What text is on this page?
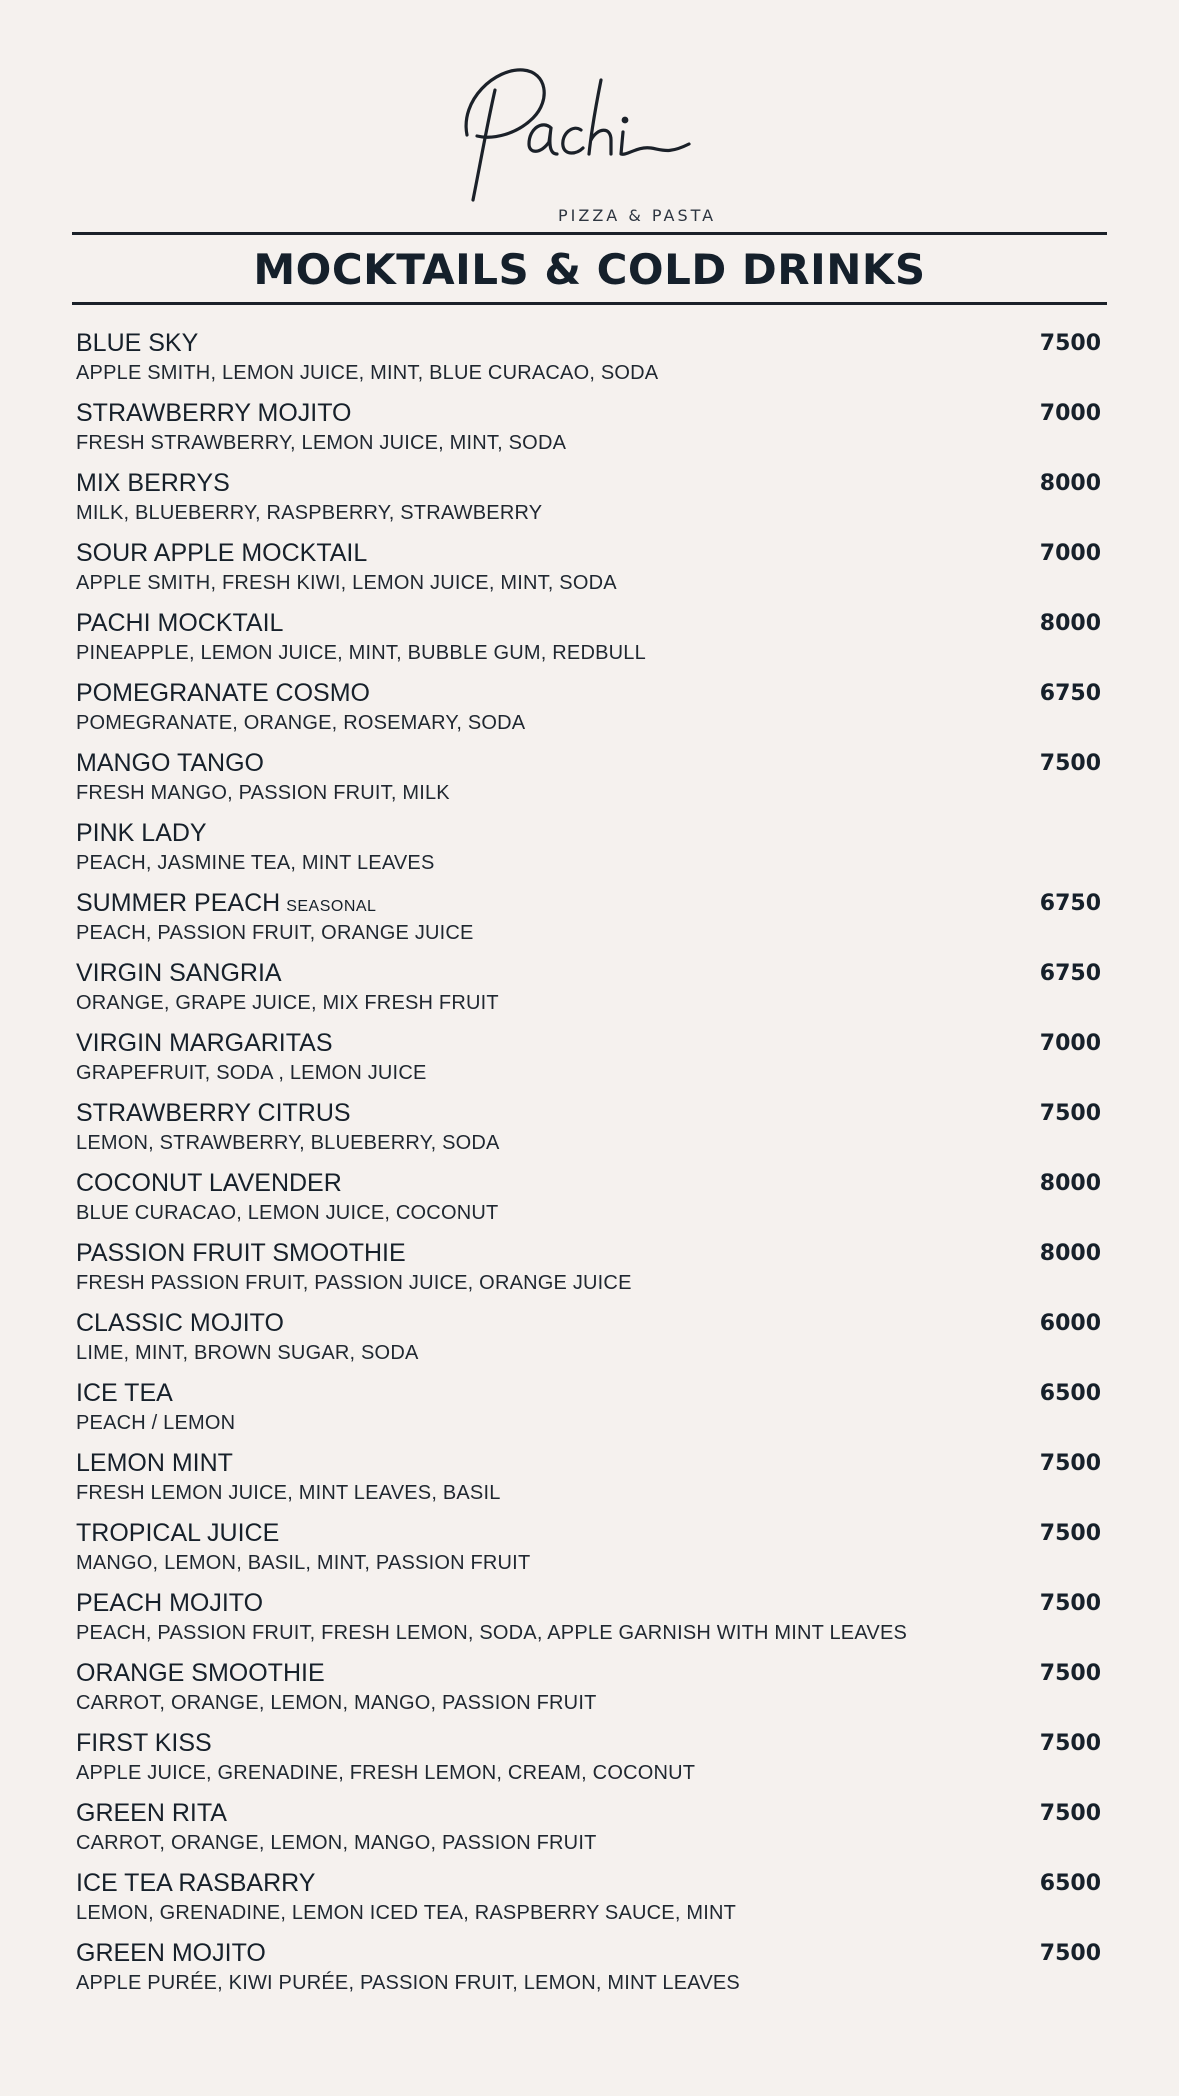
PIZZA & PASTA
MOCKTAILS & COLD DRINKS
BLUE SKY
APPLE SMITH, LEMON JUICE, MINT, BLUE CURACAO, SODA
7500
STRAWBERRY MOJITO
FRESH STRAWBERRY, LEMON JUICE, MINT, SODA
7000
MIX BERRYS
MILK, BLUEBERRY, RASPBERRY, STRAWBERRY
8000
SOUR APPLE MOCKTAIL
APPLE SMITH, FRESH KIWI, LEMON JUICE, MINT, SODA
7000
PACHI MOCKTAIL
PINEAPPLE, LEMON JUICE, MINT, BUBBLE GUM, REDBULL
8000
POMEGRANATE COSMO
POMEGRANATE, ORANGE, ROSEMARY, SODA
6750
MANGO TANGO
FRESH MANGO, PASSION FRUIT, MILK
7500
PINK LADY
PEACH, JASMINE TEA, MINT LEAVES
SUMMER PEACH SEASONAL
PEACH, PASSION FRUIT, ORANGE JUICE
6750
VIRGIN SANGRIA
ORANGE, GRAPE JUICE, MIX FRESH FRUIT
6750
VIRGIN MARGARITAS
GRAPEFRUIT, SODA , LEMON JUICE
7000
STRAWBERRY CITRUS
LEMON, STRAWBERRY, BLUEBERRY, SODA
7500
COCONUT LAVENDER
BLUE CURACAO, LEMON JUICE, COCONUT
8000
PASSION FRUIT SMOOTHIE
FRESH PASSION FRUIT, PASSION JUICE, ORANGE JUICE
8000
CLASSIC MOJITO
LIME, MINT, BROWN SUGAR, SODA
6000
ICE TEA
PEACH / LEMON
6500
LEMON MINT
FRESH LEMON JUICE, MINT LEAVES, BASIL
7500
TROPICAL JUICE
MANGO, LEMON, BASIL, MINT, PASSION FRUIT
7500
PEACH MOJITO
PEACH, PASSION FRUIT, FRESH LEMON, SODA, APPLE GARNISH WITH MINT LEAVES
7500
ORANGE SMOOTHIE
CARROT, ORANGE, LEMON, MANGO, PASSION FRUIT
7500
FIRST KISS
APPLE JUICE, GRENADINE, FRESH LEMON, CREAM, COCONUT
7500
GREEN RITA
CARROT, ORANGE, LEMON, MANGO, PASSION FRUIT
7500
ICE TEA RASBARRY
LEMON, GRENADINE, LEMON ICED TEA, RASPBERRY SAUCE, MINT
6500
GREEN MOJITO
APPLE PURÉE, KIWI PURÉE, PASSION FRUIT, LEMON, MINT LEAVES
7500
